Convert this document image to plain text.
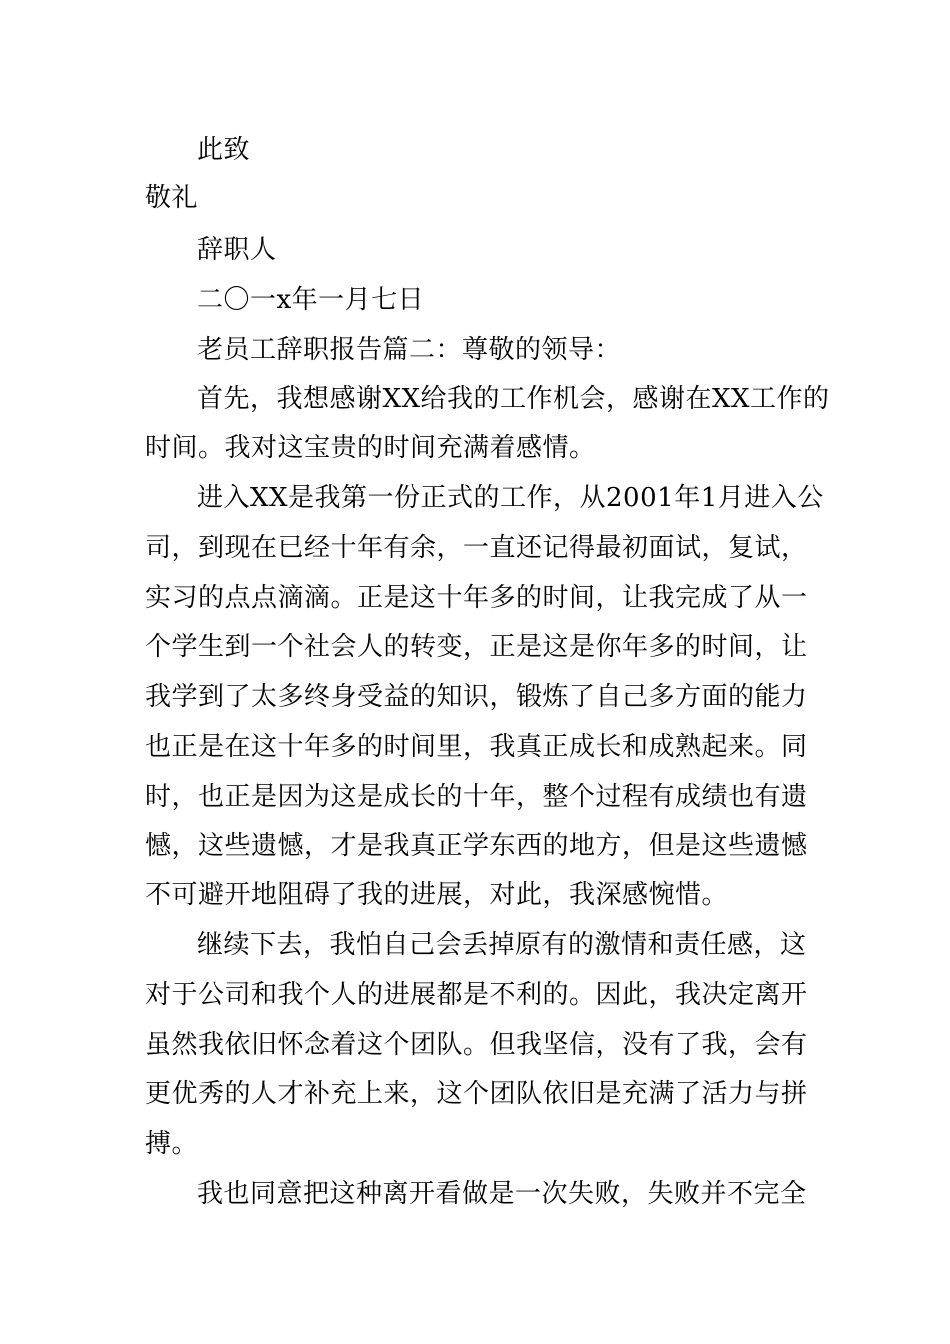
此致
敬礼
辞职人
二〇一x年一月七日
老员工辞职报告篇二：尊敬的领导：
首先，我想感谢XX给我的工作机会，感谢在XX工作的
时间。我对这宝贵的时间充满着感情。
进入XX是我第一份正式的工作，从2001年1月进入公
司，到现在已经十年有余，一直还记得最初面试，复试，
实习的点点滴滴。正是这十年多的时间，让我完成了从一
个学生到一个社会人的转变，正是这是你年多的时间，让
我学到了太多终身受益的知识，锻炼了自己多方面的能力
也正是在这十年多的时间里，我真正成长和成熟起来。同
时，也正是因为这是成长的十年，整个过程有成绩也有遗
憾，这些遗憾，才是我真正学东西的地方，但是这些遗憾
不可避开地阻碍了我的进展，对此，我深感惋惜。
继续下去，我怕自己会丢掉原有的激情和责任感，这
对于公司和我个人的进展都是不利的。因此，我决定离开
虽然我依旧怀念着这个团队。但我坚信，没有了我，会有
更优秀的人才补充上来，这个团队依旧是充满了活力与拼
搏。
我也同意把这种离开看做是一次失败，失败并不完全
